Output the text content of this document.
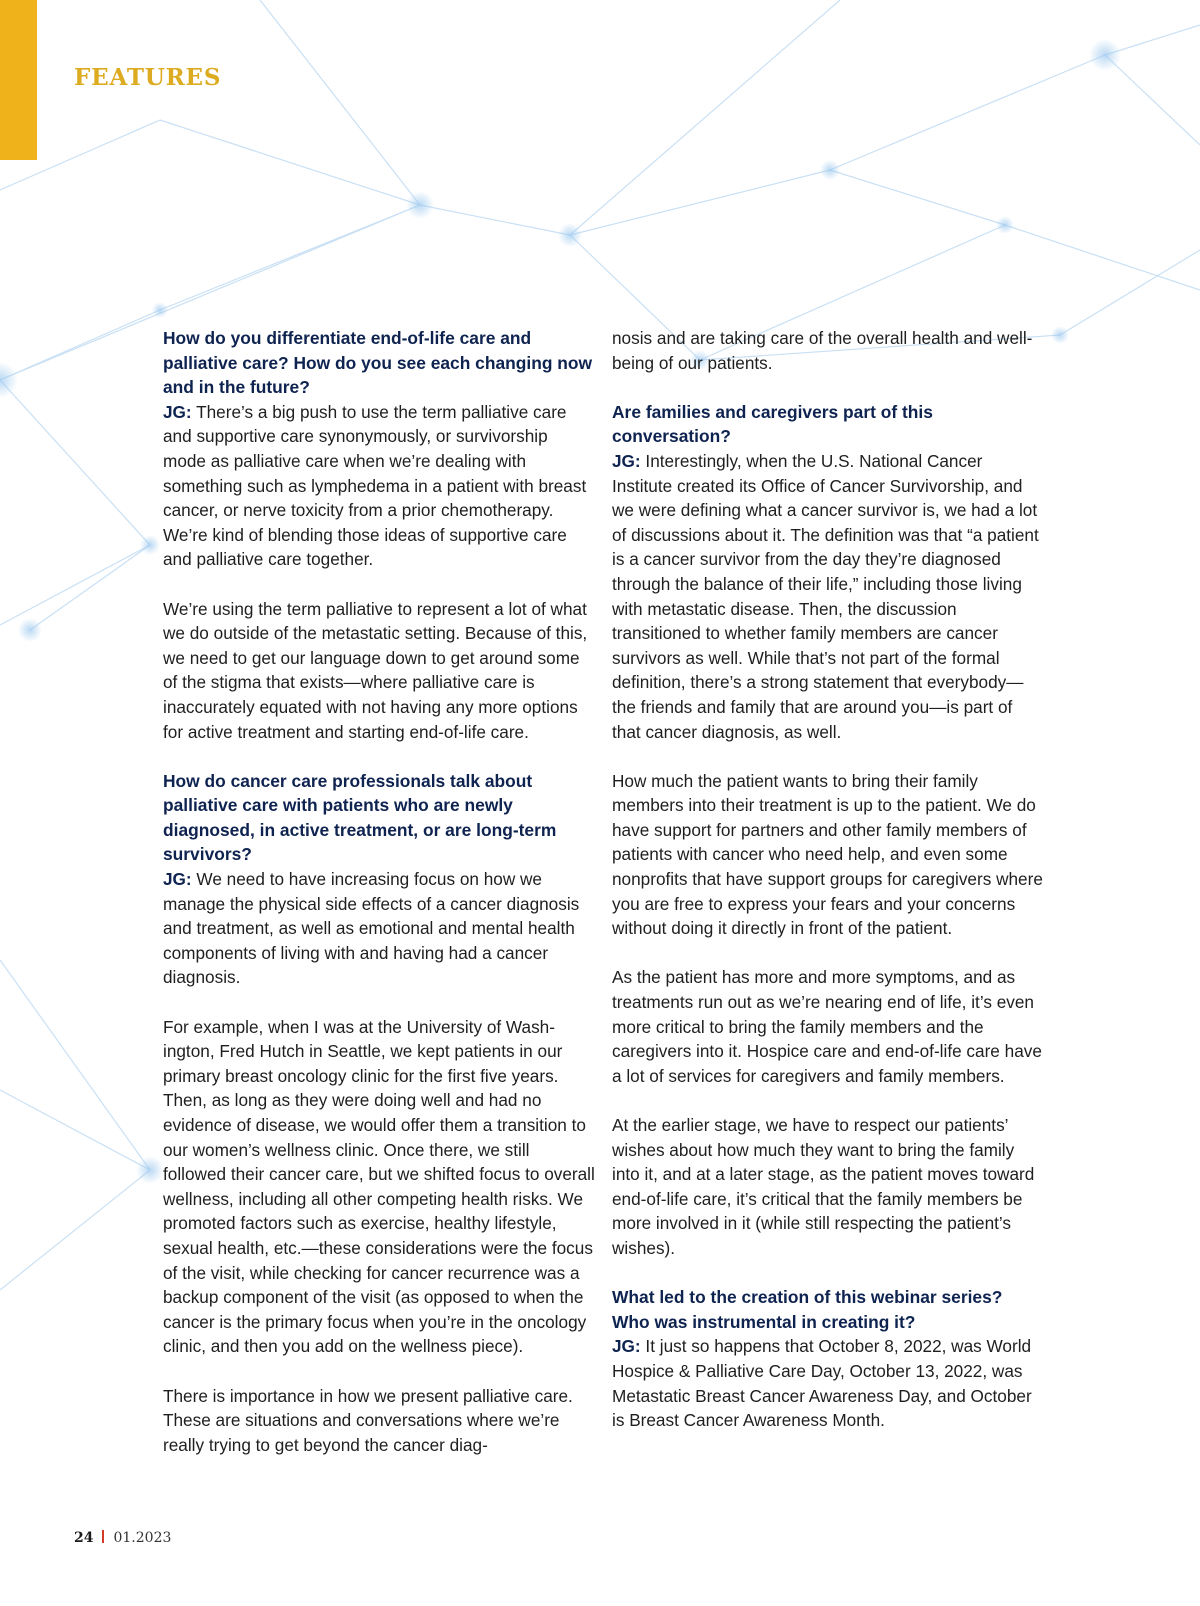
FEATURES
How do you differentiate end-of-life care and palliative care? How do you see each changing now and in the future?

JG: There’s a big push to use the term palliative care and supportive care synonymously, or survivorship mode as palliative care when we’re dealing with something such as lymphedema in a patient with breast cancer, or nerve toxicity from a prior chemotherapy. We’re kind of blending those ideas of supportive care and palliative care together.

We’re using the term palliative to represent a lot of what we do outside of the metastatic setting. Because of this, we need to get our language down to get around some of the stigma that exists—where palliative care is inaccurately equated with not having any more options for active treatment and starting end-of-life care.

How do cancer care professionals talk about palliative care with patients who are newly diagnosed, in active treatment, or are long-term survivors?

JG: We need to have increasing focus on how we manage the physical side effects of a cancer diagnosis and treatment, as well as emotional and mental health components of living with and having had a cancer diagnosis.

For example, when I was at the University of Washington, Fred Hutch in Seattle, we kept patients in our primary breast oncology clinic for the first five years. Then, as long as they were doing well and had no evidence of disease, we would offer them a transition to our women’s wellness clinic. Once there, we still followed their cancer care, but we shifted focus to overall wellness, including all other competing health risks. We promoted factors such as exercise, healthy lifestyle, sexual health, etc.—these considerations were the focus of the visit, while checking for cancer recurrence was a backup component of the visit (as opposed to when the cancer is the primary focus when you’re in the oncology clinic, and then you add on the wellness piece).

There is importance in how we present palliative care. These are situations and conversations where we’re really trying to get beyond the cancer diag-

nosis and are taking care of the overall health and well-being of our patients.

Are families and caregivers part of this conversation?

JG: Interestingly, when the U.S. National Cancer Institute created its Office of Cancer Survivorship, and we were defining what a cancer survivor is, we had a lot of discussions about it. The definition was that “a patient is a cancer survivor from the day they’re diagnosed through the balance of their life,” including those living with metastatic disease. Then, the discussion transitioned to whether family members are cancer survivors as well. While that’s not part of the formal definition, there’s a strong statement that everybody—the friends and family that are around you—is part of that cancer diagnosis, as well.

How much the patient wants to bring their family members into their treatment is up to the patient. We do have support for partners and other family members of patients with cancer who need help, and even some nonprofits that have support groups for caregivers where you are free to express your fears and your concerns without doing it directly in front of the patient.

As the patient has more and more symptoms, and as treatments run out as we’re nearing end of life, it’s even more critical to bring the family members and the caregivers into it. Hospice care and end-of-life care have a lot of services for caregivers and family members.

At the earlier stage, we have to respect our patients’ wishes about how much they want to bring the family into it, and at a later stage, as the patient moves toward end-of-life care, it’s critical that the family members be more involved in it (while still respecting the patient’s wishes).

What led to the creation of this webinar series? Who was instrumental in creating it?

JG: It just so happens that October 8, 2022, was World Hospice & Palliative Care Day, October 13, 2022, was Metastatic Breast Cancer Awareness Day, and October is Breast Cancer Awareness Month.

24 01.2023
